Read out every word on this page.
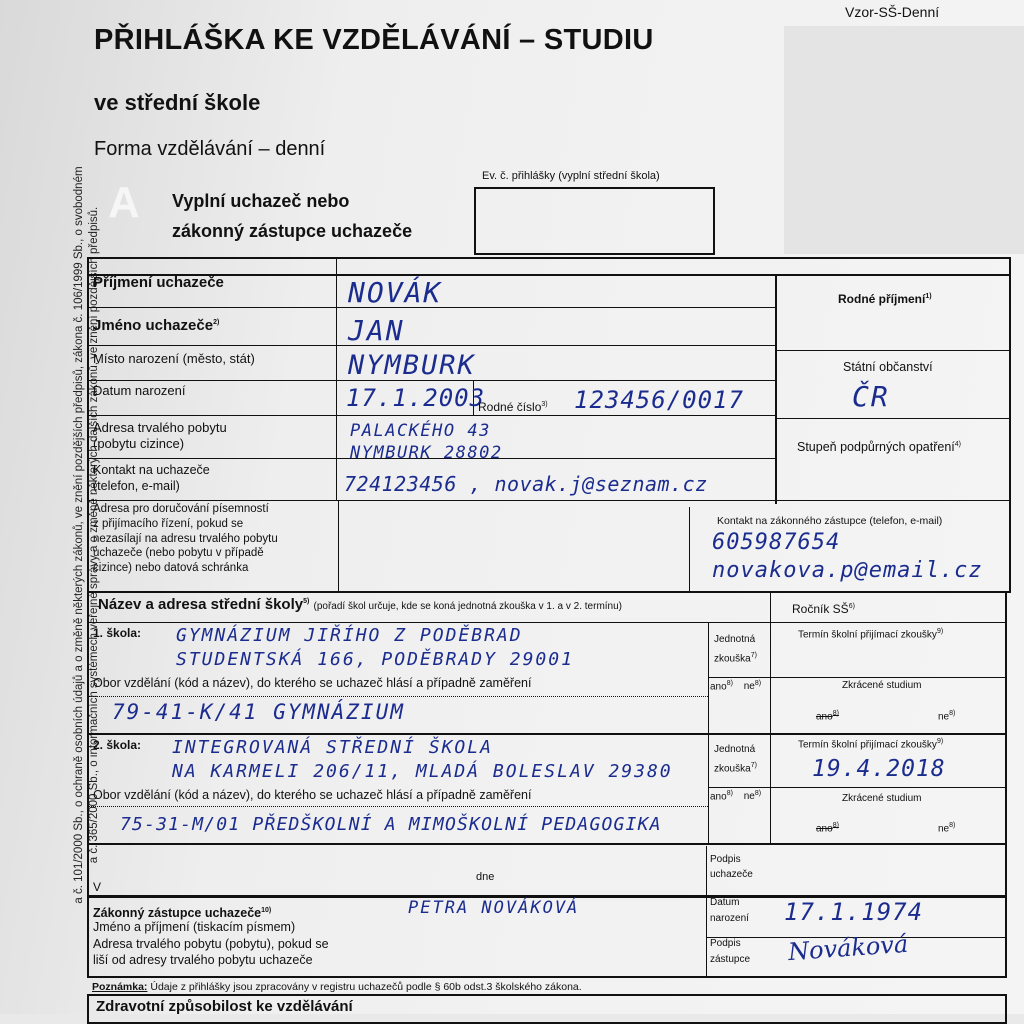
a č. 101/2000 Sb., o ochraně osobních údajů a o změně některých zákonů, ve znění pozdějších předpisů, zákona č. 106/1999 Sb., o svobodném a č. 365/2000 Sb., o informačních systémech veřejné správy a o změně některých dalších zákonů, ve znění pozdějších předpisů.
Vzor-SŠ-Denní
PŘIHLÁŠKA KE VZDĚLÁVÁNÍ – STUDIU
ve střední škole
Forma vzdělávání – denní
A Vyplní uchazeč nebo
zákonný zástupce uchazeče
Ev. č. přihlášky (vyplní střední škola)
Příjmení uchazeče	NOVÁK
Jméno uchazeče$^{2)}$	JAN
Místo narození (město, stát)	NYMBURK
Datum narození	17.1.2003
Rodné číslo$^{3)}$ 123456/0017
Adresa trvalého pobytu
(pobytu cizince)
PALACKÉHO 43
NYMBURK 28802
Kontakt na uchazeče
(telefon, e-mail)	724123456 , novak.j@seznam.cz
Adresa pro doručování písemností
z přijímacího řízení, pokud se
nezasílají na adresu trvalého pobytu
uchazeče (nebo pobytu v případě
cizince) nebo datová schránka
Rodné příjmení$^{1)}$
Státní občanství
ČR
Stupeň podpůrných opatření$^{4)}$
Kontakt na zákonného zástupce (telefon, e-mail)
605987654
novakova.p@email.cz
Název a adresa střední školy$^{5)}$ (pořadí škol určuje, kde se koná jednotná zkouška v 1. a v 2. termínu)	Ročník SŠ$^{6)}$
1. škola: GYMNÁZIUM JIŘÍHO Z PODĚBRAD
STUDENTSKÁ 166, PODĚBRADY 29001
Obor vzdělání (kód a název), do kterého se uchazeč hlásí a případně zaměření
79-41-K/41 GYMNÁZIUM
Jednotná
zkouška$^{7)}$
ano$^{8)}$ $ne^{8)}$
Termín školní přijímací zkoušky$^{9)}$
Zkrácené studium
ano$^{8)}$	$ne^{8)}$
2. škola: INTEGROVANÁ STŘEDNÍ ŠKOLA
NA KARMELI 206/11, MLADÁ BOLESLAV 29380
Obor vzdělání (kód a název), do kterého se uchazeč hlásí a případně zaměření
75-31-M/01 PŘEDŠKOLNÍ A MIMOŠKOLNÍ PEDAGOGIKA
Jednotná
zkouška$^{7)}$
ano$^{8)}$ $ne^{8)}$
Termín školní přijímací zkoušky$^{9)}$
19.4.2018
Zkrácené studium
ano$^{8)}$	$ne^{8)}$
V
dne
Podpis
uchazeče
Zákonný zástupce uchazeče$^{10)}$
Jméno a příjmení (tiskacím písmem)
PETRA NOVÁKOVÁ
Adresa trvalého pobytu (pobytu), pokud se
liší od adresy trvalého pobytu uchazeče
Datum
narození 17.1.1974
Podpis
zástupce Nováková
Poznámka: Údaje z přihlášky jsou zpracovány v registru uchazečů podle § 60b odst.3 školského zákona.
Zdravotní způsobilost ke vzdělávání
